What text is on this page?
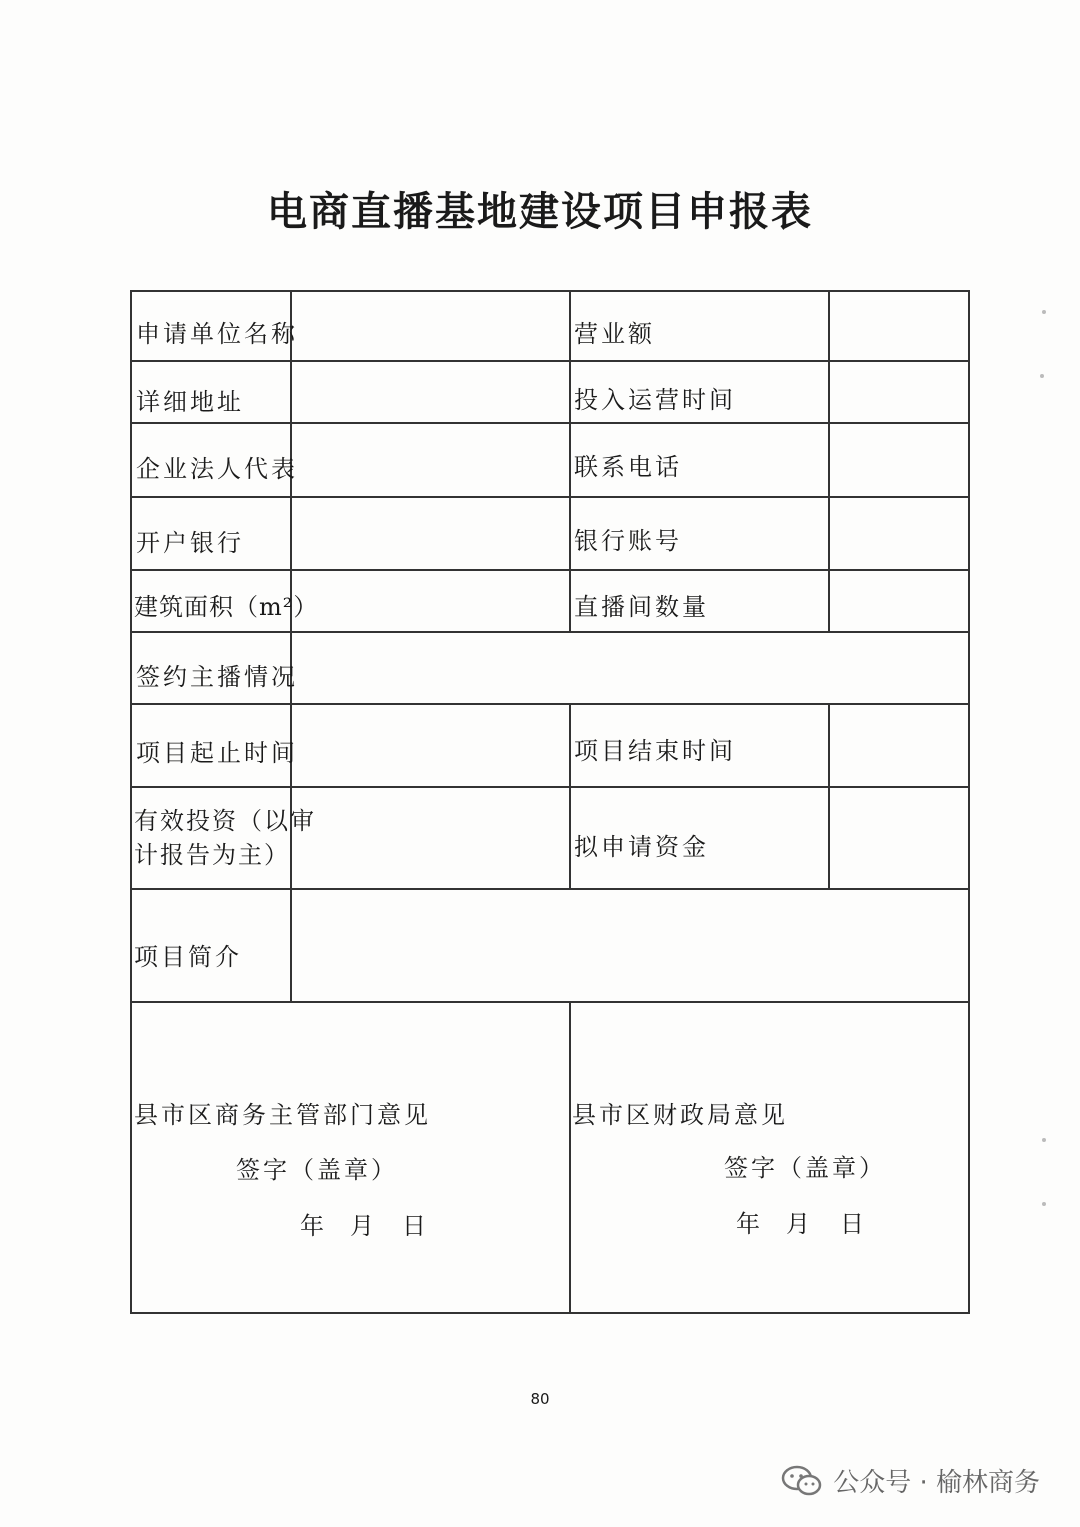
电商直播基地建设项目申报表
申请单位名称	营业额
详细地址	投入运营时间
企业法人代表	联系电话
开户银行	银行账号
建筑面积（m²）	直播间数量
签约主播情况
项目起止时间	项目结束时间
有效投资（以审
计报告为主）	拟申请资金
项目简介
县市区商务主管部门意见
签字（盖章）
年 月 日
县市区财政局意见
签字（盖章）
年 月 日
80
公众号 · 榆林商务
